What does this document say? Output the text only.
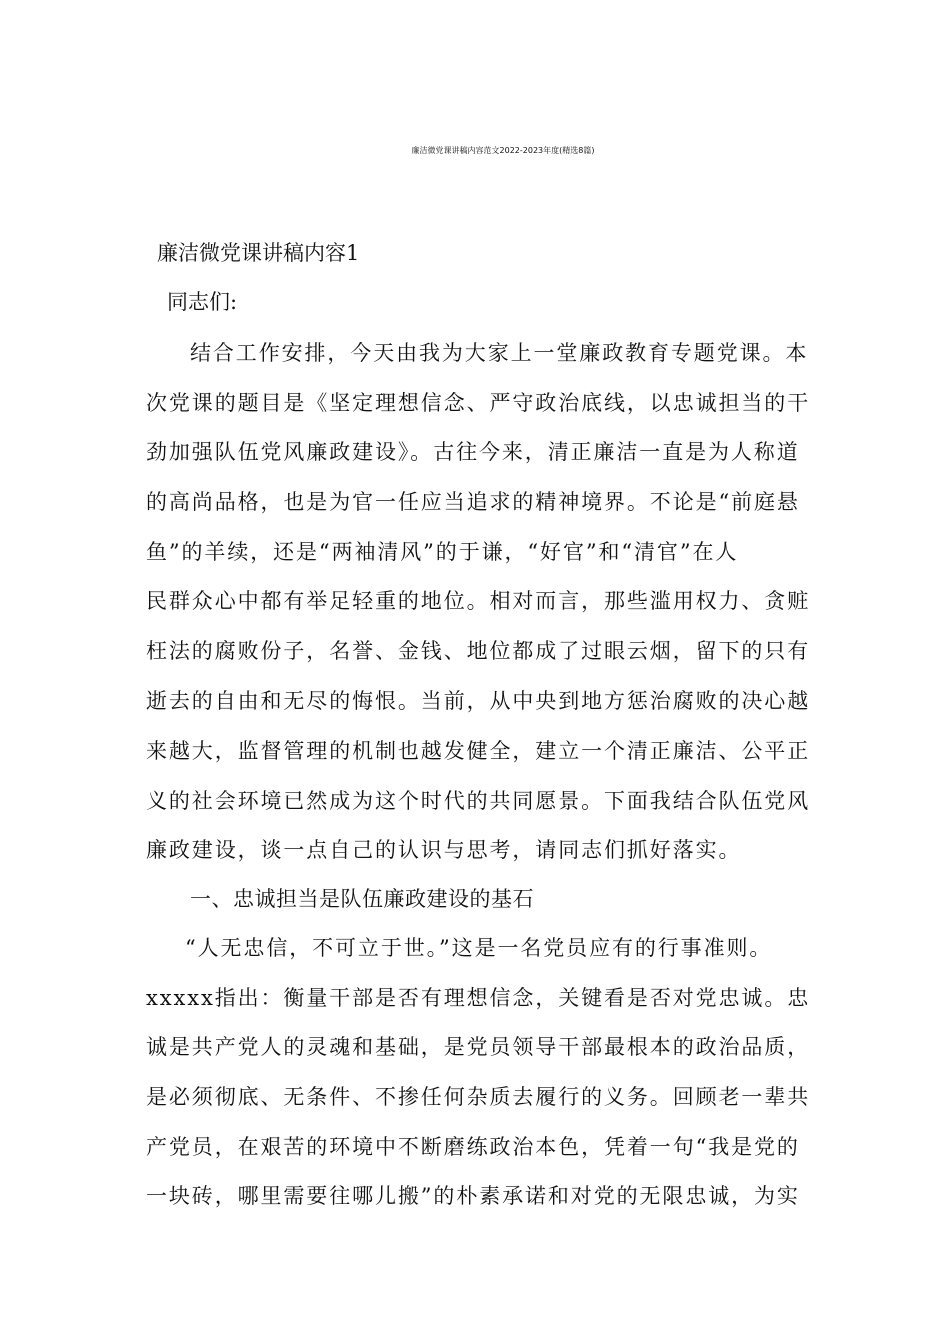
廉洁微党课讲稿内容范文2022-2023年度(精选8篇)
廉洁微党课讲稿内容1
同志们:
结合工作安排，今天由我为大家上一堂廉政教育专题党课。本
次党课的题目是《坚定理想信念、严守政治底线，以忠诚担当的干
劲加强队伍党风廉政建设》。古往今来，清正廉洁一直是为人称道
的高尚品格，也是为官一任应当追求的精神境界。不论是“前庭悬
鱼”的羊续，还是“两袖清风”的于谦，“好官”和“清官”在人
民群众心中都有举足轻重的地位。相对而言，那些滥用权力、贪赃
枉法的腐败份子，名誉、金钱、地位都成了过眼云烟，留下的只有
逝去的自由和无尽的悔恨。当前，从中央到地方惩治腐败的决心越
来越大，监督管理的机制也越发健全，建立一个清正廉洁、公平正
义的社会环境已然成为这个时代的共同愿景。下面我结合队伍党风
廉政建设，谈一点自己的认识与思考，请同志们抓好落实。
一、忠诚担当是队伍廉政建设的基石
“人无忠信，不可立于世。”这是一名党员应有的行事准则。
xxxxx指出：衡量干部是否有理想信念，关键看是否对党忠诚。忠
诚是共产党人的灵魂和基础，是党员领导干部最根本的政治品质，
是必须彻底、无条件、不掺任何杂质去履行的义务。回顾老一辈共
产党员，在艰苦的环境中不断磨练政治本色，凭着一句“我是党的
一块砖，哪里需要往哪儿搬”的朴素承诺和对党的无限忠诚，为实
